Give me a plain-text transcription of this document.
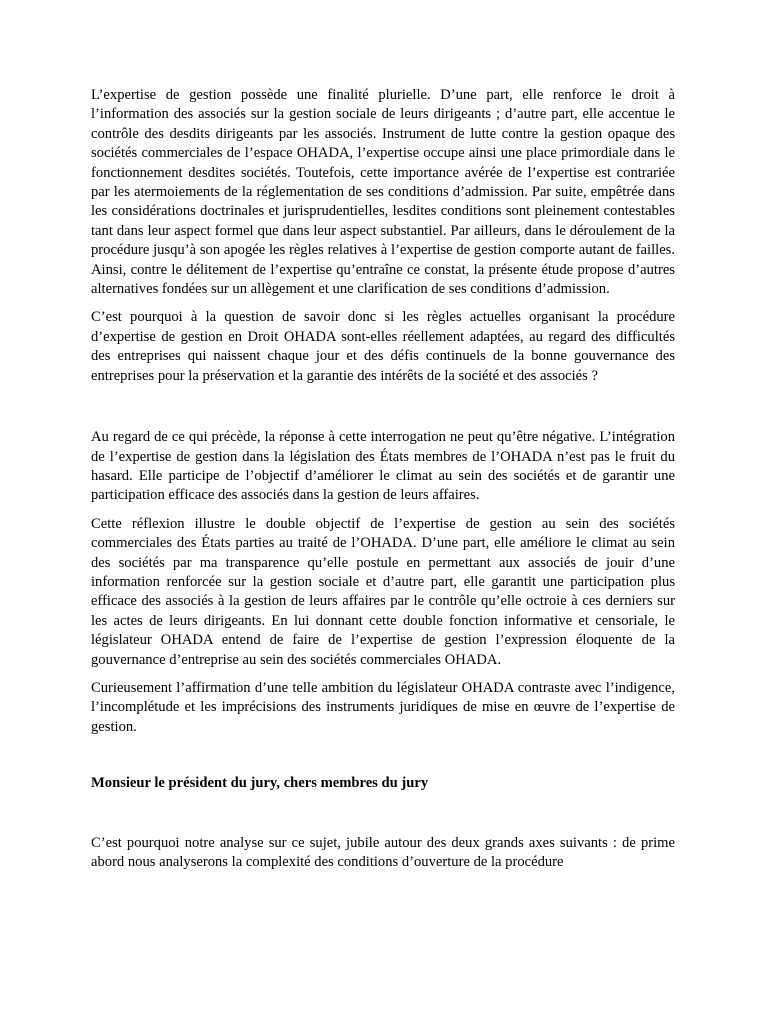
L’expertise de gestion possède une finalité plurielle. D’une part, elle renforce le droit à l’information des associés sur la gestion sociale de leurs dirigeants ; d’autre part, elle accentue le contrôle des desdits dirigeants par les associés. Instrument de lutte contre la gestion opaque des sociétés commerciales de l’espace OHADA, l’expertise occupe ainsi une place primordiale dans le fonctionnement desdites sociétés. Toutefois, cette importance avérée de l’expertise est contrariée par les atermoiements de la réglementation de ses conditions d’admission. Par suite, empêtrée dans les considérations doctrinales et jurisprudentielles, lesdites conditions sont pleinement contestables tant dans leur aspect formel que dans leur aspect substantiel. Par ailleurs, dans le déroulement de la procédure jusqu’à son apogée les règles relatives à l’expertise de gestion comporte autant de failles. Ainsi, contre le délitement de l’expertise qu’entraîne ce constat, la présente étude propose d’autres alternatives fondées sur un allègement et une clarification de ses conditions d’admission.

C’est pourquoi à la question de savoir donc si les règles actuelles organisant la procédure d’expertise de gestion en Droit OHADA sont-elles réellement adaptées, au regard des difficultés des entreprises qui naissent chaque jour et des défis continuels de la bonne gouvernance des entreprises pour la préservation et la garantie des intérêts de la société et des associés ?

Au regard de ce qui précède, la réponse à cette interrogation ne peut qu’être négative. L’intégration de l’expertise de gestion dans la législation des États membres de l’OHADA n’est pas le fruit du hasard. Elle participe de l’objectif d’améliorer le climat au sein des sociétés et de garantir une participation efficace des associés dans la gestion de leurs affaires.

Cette réflexion illustre le double objectif de l’expertise de gestion au sein des sociétés commerciales des États parties au traité de l’OHADA. D’une part, elle améliore le climat au sein des sociétés par ma transparence qu’elle postule en permettant aux associés de jouir d’une information renforcée sur la gestion sociale et d’autre part, elle garantit une participation plus efficace des associés à la gestion de leurs affaires par le contrôle qu’elle octroie à ces derniers sur les actes de leurs dirigeants. En lui donnant cette double fonction informative et censoriale, le législateur OHADA entend de faire de l’expertise de gestion l’expression éloquente de la gouvernance d’entreprise au sein des sociétés commerciales OHADA.

Curieusement l’affirmation d’une telle ambition du législateur OHADA contraste avec l’indigence, l’incomplétude et les imprécisions des instruments juridiques de mise en œuvre de l’expertise de gestion.

Monsieur le président du jury, chers membres du jury

C’est pourquoi notre analyse sur ce sujet, jubile autour des deux grands axes suivants : de prime abord nous analyserons la complexité des conditions d’ouverture de la procédure
